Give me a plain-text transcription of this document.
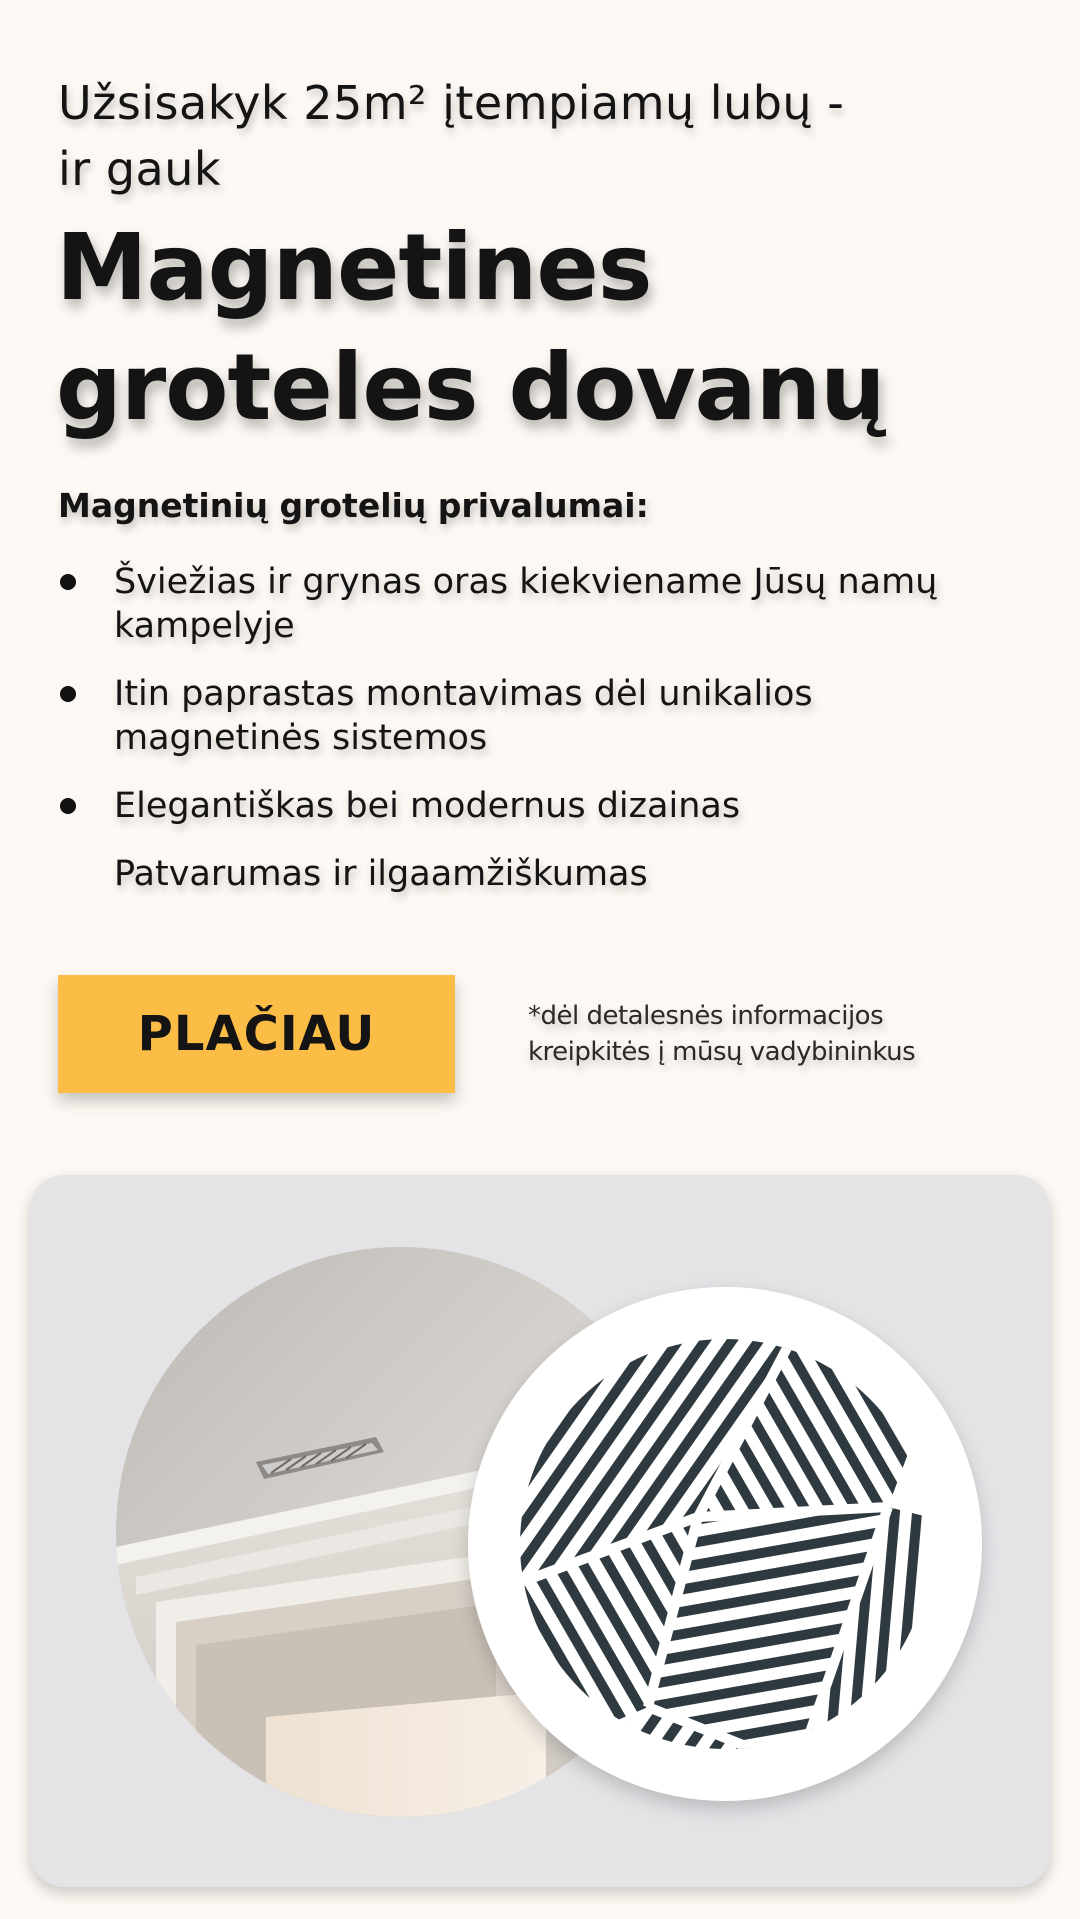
Užsisakyk 25m² įtempiamų lubų -
ir gauk
Magnetines
groteles dovanų
Magnetinių grotelių privalumai:
Šviežias ir grynas oras kiekviename Jūsų namų kampelyje
Itin paprastas montavimas dėl unikalios magnetinės sistemos
Elegantiškas bei modernus dizainas
Patvarumas ir ilgaamžiškumas
PLAČIAU	*dėl detalesnės informacijos
kreipkitės į mūsų vadybininkus
